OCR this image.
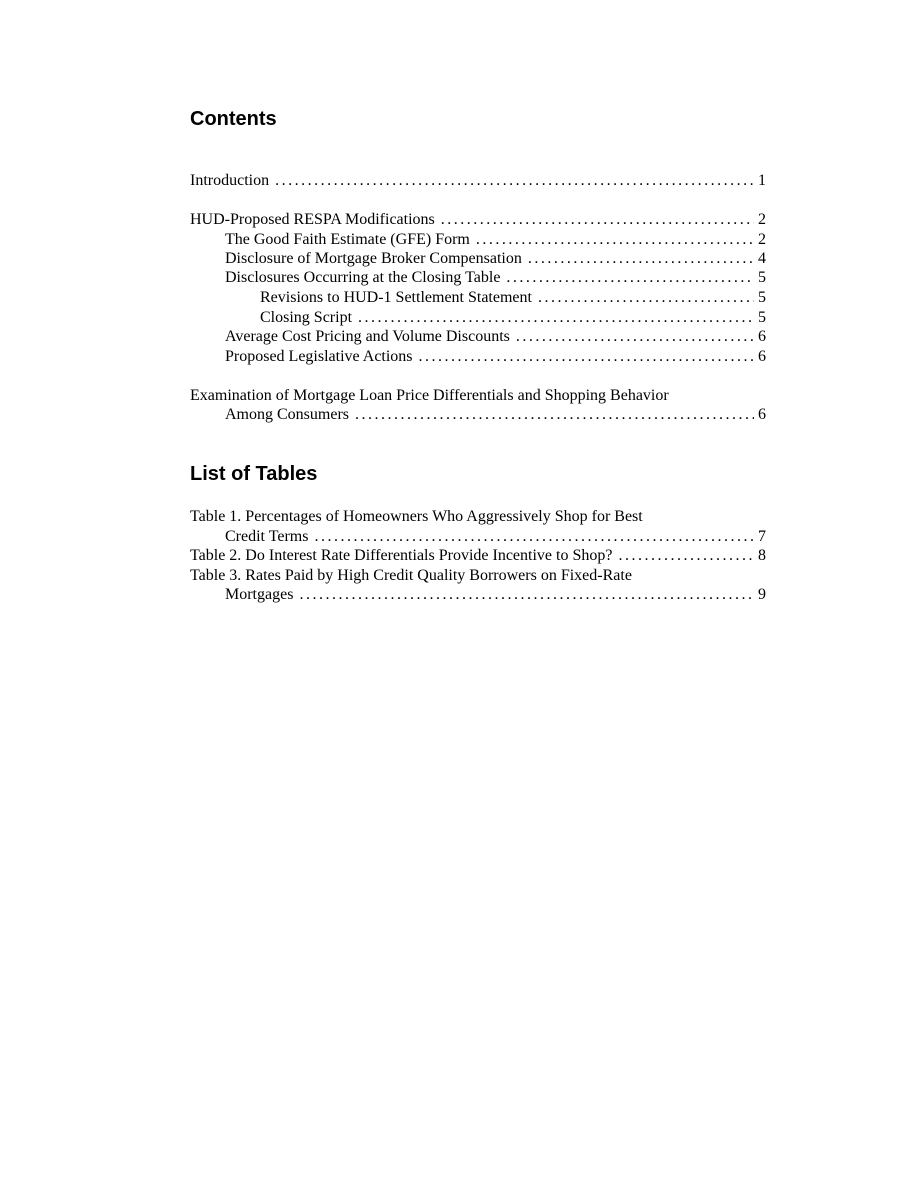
Contents
Introduction . . .	1
HUD-Proposed RESPA Modifications . . .	2
The Good Faith Estimate (GFE) Form . . .	2
Disclosure of Mortgage Broker Compensation . . .	4
Disclosures Occurring at the Closing Table . . .	5
Revisions to HUD-1 Settlement Statement . . .	5
Closing Script . . .	5
Average Cost Pricing and Volume Discounts . . .	6
Proposed Legislative Actions . . .	6
Examination of Mortgage Loan Price Differentials and Shopping Behavior
Among Consumers . . .	6
List of Tables
Table 1. Percentages of Homeowners Who Aggressively Shop for Best
Credit Terms . . .	7
Table 2. Do Interest Rate Differentials Provide Incentive to Shop? . . .	8
Table 3. Rates Paid by High Credit Quality Borrowers on Fixed-Rate
Mortgages . . .	9
